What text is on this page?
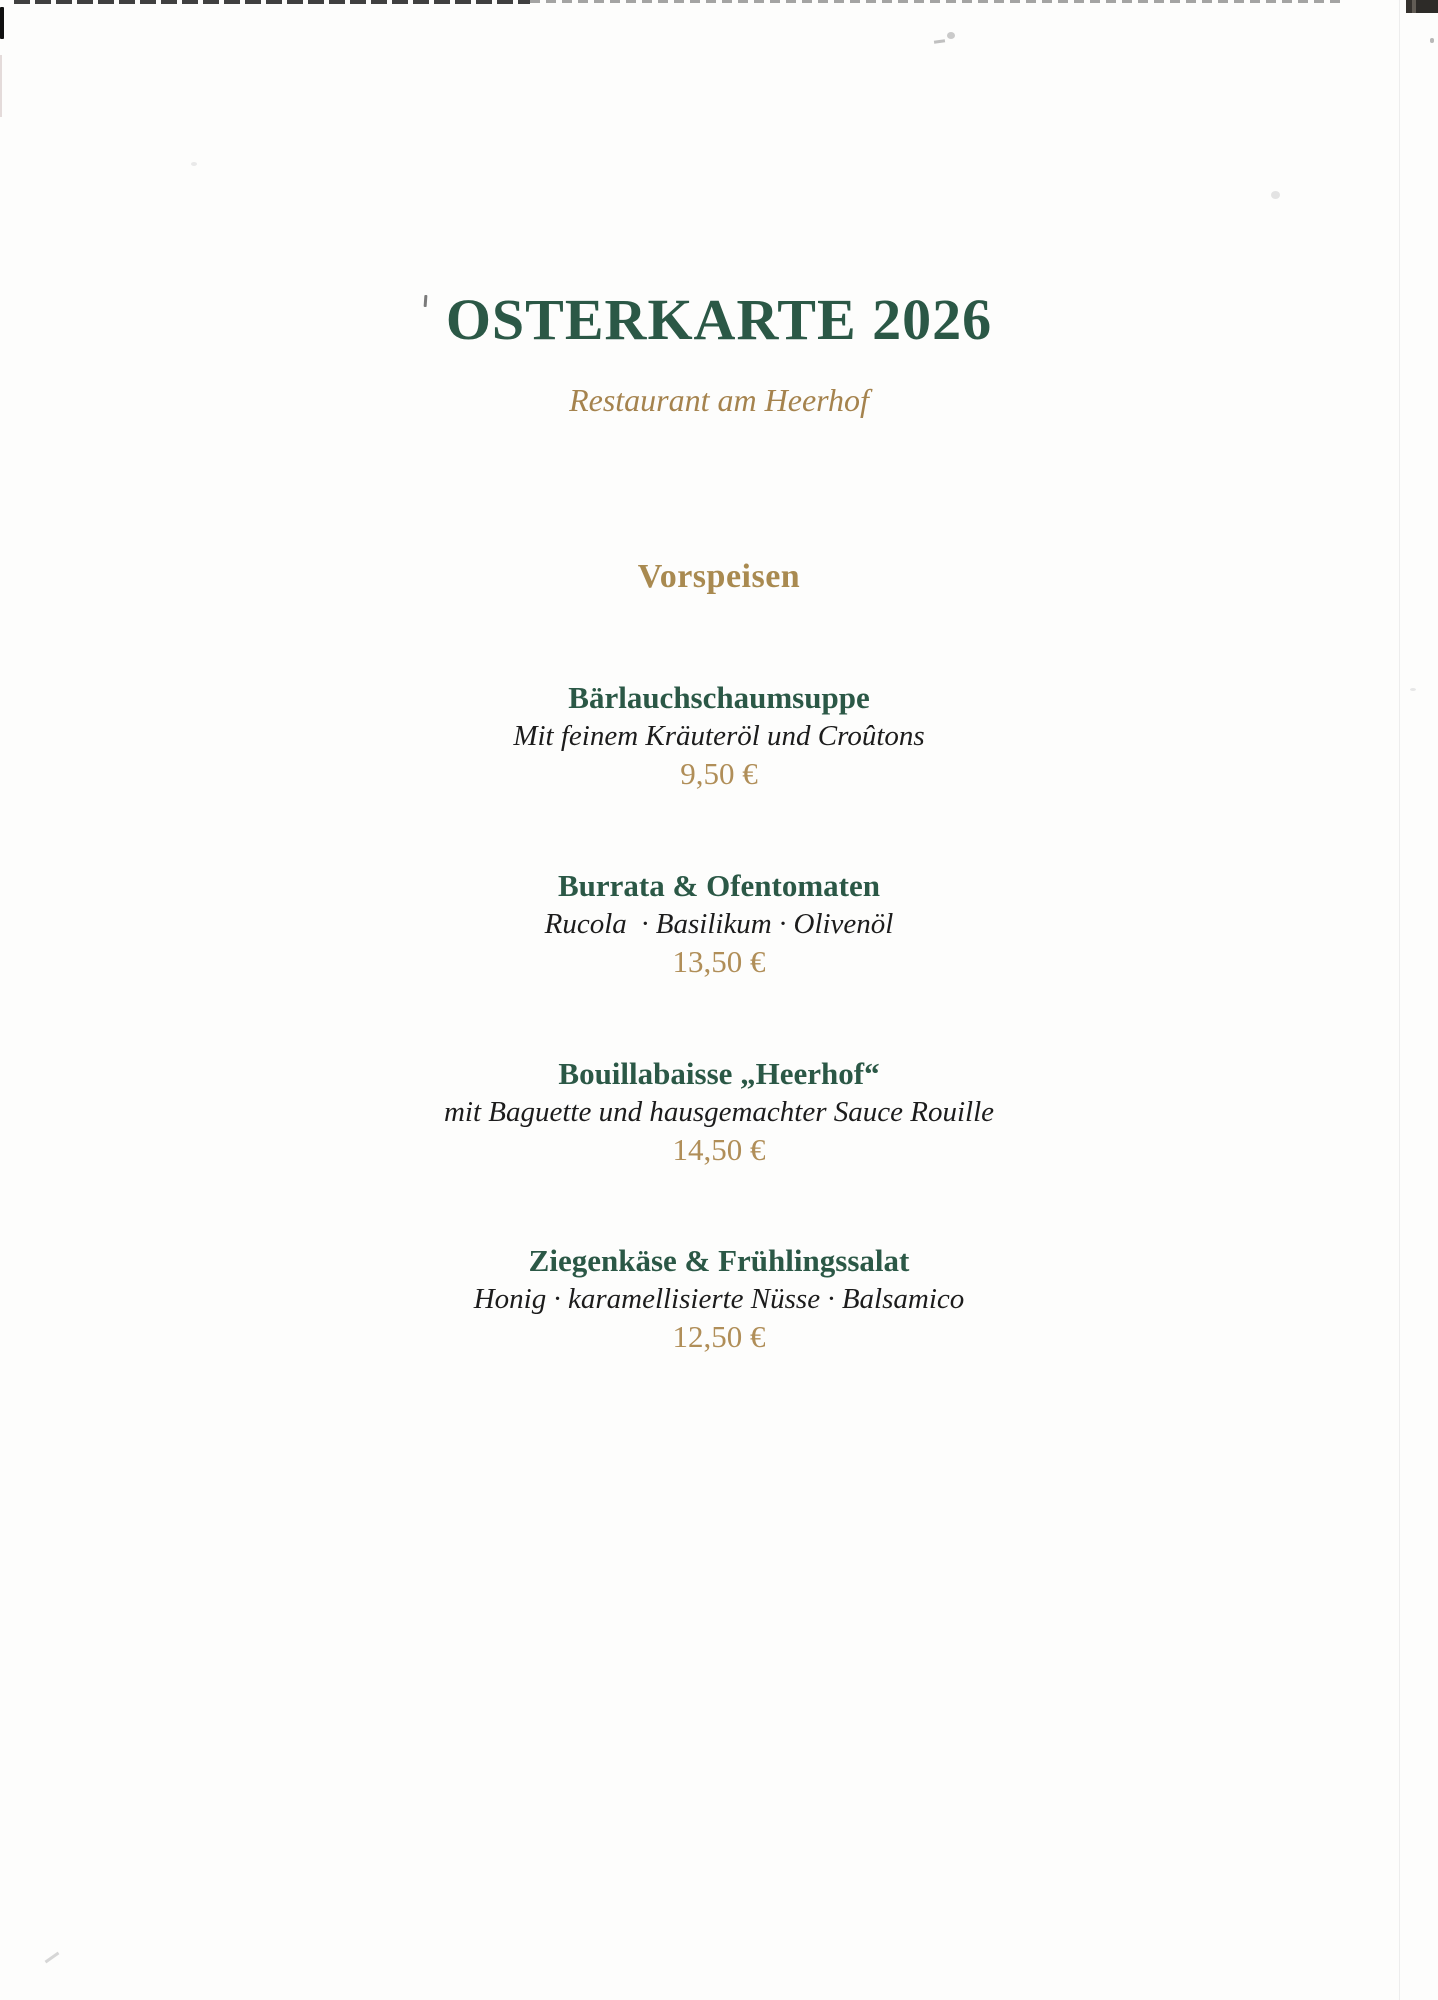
OSTERKARTE 2026
Restaurant am Heerhof
Vorspeisen
Bärlauchschaumsuppe
Mit feinem Kräuteröl und Croûtons
9,50 €
Burrata & Ofentomaten
Rucola  · Basilikum · Olivenöl
13,50 €
Bouillabaisse „Heerhof“
mit Baguette und hausgemachter Sauce Rouille
14,50 €
Ziegenkäse & Frühlingssalat
Honig · karamellisierte Nüsse · Balsamico
12,50 €
